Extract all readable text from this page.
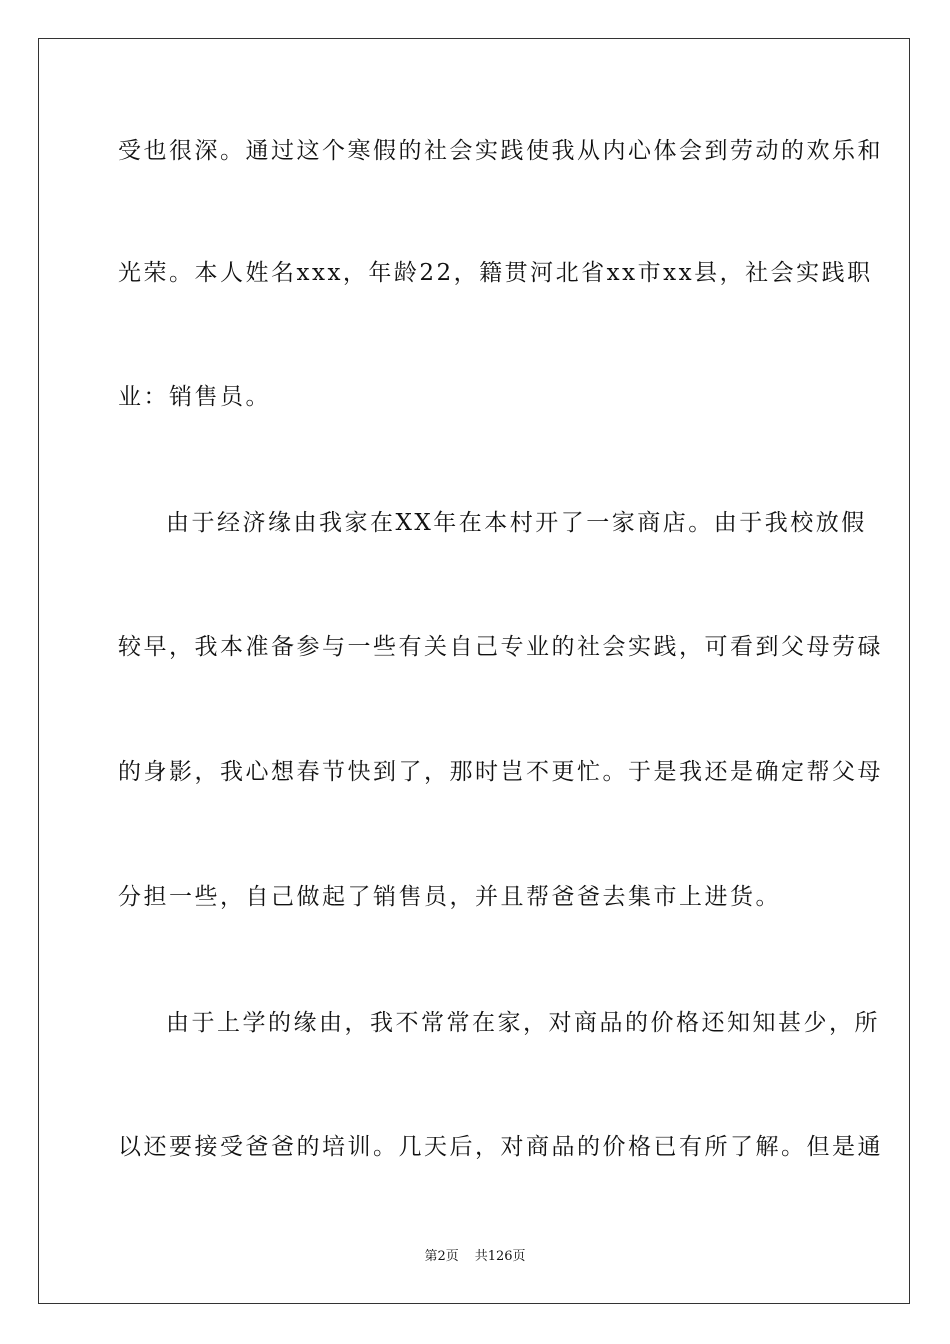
受也很深。通过这个寒假的社会实践使我从内心体会到劳动的欢乐和
光荣。本人姓名xxx，年龄22，籍贯河北省xx市xx县，社会实践职
业：销售员。
由于经济缘由我家在XX年在本村开了一家商店。由于我校放假
较早，我本准备参与一些有关自己专业的社会实践，可看到父母劳碌
的身影，我心想春节快到了，那时岂不更忙。于是我还是确定帮父母
分担一些，自己做起了销售员，并且帮爸爸去集市上进货。
由于上学的缘由，我不常常在家，对商品的价格还知知甚少，所
以还要接受爸爸的培训。几天后，对商品的价格已有所了解。但是通
第2页 共126页
